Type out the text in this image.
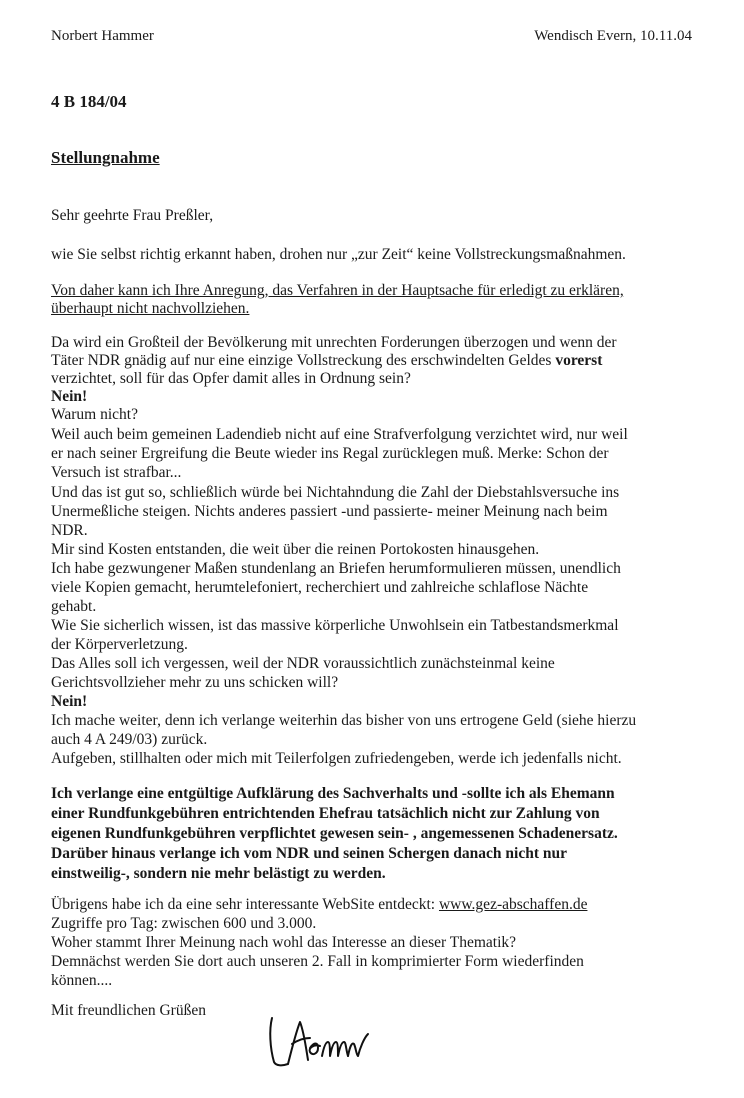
Norbert Hammer	Wendisch Evern, 10.11.04
4 B 184/04
Stellungnahme
Sehr geehrte Frau Preßler,
wie Sie selbst richtig erkannt haben, drohen nur „zur Zeit“ keine Vollstreckungsmaßnahmen.
Von daher kann ich Ihre Anregung, das Verfahren in der Hauptsache für erledigt zu erklären,
überhaupt nicht nachvollziehen.
Da wird ein Großteil der Bevölkerung mit unrechten Forderungen überzogen und wenn der
Täter NDR gnädig auf nur eine einzige Vollstreckung des erschwindelten Geldes vorerst
verzichtet, soll für das Opfer damit alles in Ordnung sein?
Nein!
Warum nicht?
Weil auch beim gemeinen Ladendieb nicht auf eine Strafverfolgung verzichtet wird, nur weil
er nach seiner Ergreifung die Beute wieder ins Regal zurücklegen muß. Merke: Schon der
Versuch ist strafbar...
Und das ist gut so, schließlich würde bei Nichtahndung die Zahl der Diebstahlsversuche ins
Unermeßliche steigen. Nichts anderes passiert -und passierte- meiner Meinung nach beim
NDR.
Mir sind Kosten entstanden, die weit über die reinen Portokosten hinausgehen.
Ich habe gezwungener Maßen stundenlang an Briefen herumformulieren müssen, unendlich
viele Kopien gemacht, herumtelefoniert, recherchiert und zahlreiche schlaflose Nächte
gehabt.
Wie Sie sicherlich wissen, ist das massive körperliche Unwohlsein ein Tatbestandsmerkmal
der Körperverletzung.
Das Alles soll ich vergessen, weil der NDR voraussichtlich zunächsteinmal keine
Gerichtsvollzieher mehr zu uns schicken will?
Nein!
Ich mache weiter, denn ich verlange weiterhin das bisher von uns ertrogene Geld (siehe hierzu
auch 4 A 249/03) zurück.
Aufgeben, stillhalten oder mich mit Teilerfolgen zufriedengeben, werde ich jedenfalls nicht.
Ich verlange eine entgültige Aufklärung des Sachverhalts und -sollte ich als Ehemann
einer Rundfunkgebühren entrichtenden Ehefrau tatsächlich nicht zur Zahlung von
eigenen Rundfunkgebühren verpflichtet gewesen sein- , angemessenen Schadenersatz.
Darüber hinaus verlange ich vom NDR und seinen Schergen danach nicht nur
einstweilig-, sondern nie mehr belästigt zu werden.
Übrigens habe ich da eine sehr interessante WebSite entdeckt: www.gez-abschaffen.de
Zugriffe pro Tag: zwischen 600 und 3.000.
Woher stammt Ihrer Meinung nach wohl das Interesse an dieser Thematik?
Demnächst werden Sie dort auch unseren 2. Fall in komprimierter Form wiederfinden
können....
Mit freundlichen Grüßen
